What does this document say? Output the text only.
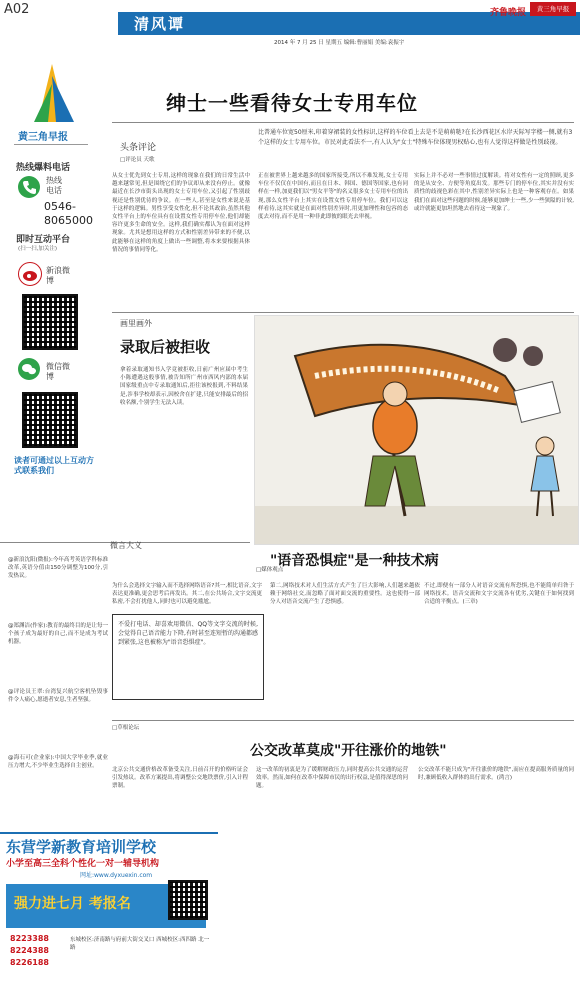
A02
清风谭
2014 年 7 月 25 日 星期五 编辑:曹丽娟 美编:袁振宇
齐鲁晚报	黄三角早报
黄三角早报
热线爆料电话
热线电话
0546-8065000
即时互动平台
(扫一扫,加关注)
新浪微博
微信微博
读者可通过以上互动方式联系我们
绅士一些看待女士专用车位
头条评论
□评论员 天歌
比普通车位宽50厘米,印着穿裙装的女性标识,这样的车位看上去是不是萌萌哒?在长沙西花区水岸天际写字楼一侧,就有3个这样的女士专用车位。市民对此看法不一,有人认为"女士"特殊车位体现男权贴心,也有人觉得这样做是性别歧视。
从女士优先到女士专用,这样的现象在我们的日常生活中越来越常见,但是围绕它们的争议却从来没有停止。就像最近在长沙市街头出现的女士专用车位,又引起了性别歧视还是性别优待的争议。在一些人,甚至是女性来说是基于这样的逻辑。男性享受女性化,但不论其政治,虽然其他女性平台上的车位具有在设置女性专用停车位,他们却能容许更多生命的安全。这样,我们确实都认为在面对这样现象。尤其是想用这样的方式和性别差异带来的不便,以此能够在这样的角度上做出一些调整,将本来要根据具体情况的事情同等化。
正在被世界上越来越多的国家所接受,所以不难发现,女士专用车位不仅仅在中国有,而且在日本、韩国、德国等国家,也有同样在一样,加更我们以"男女平等"的名义很多女士专用车位的出现,那么女性平台上其实在设置女性专用停车位。我们可以这样看待,这其实就是在面对性别差异时,用更加理性和包容的态度去对待,而不是用一种非此即彼的眼光去审视。
实际上并不必对一些事情过度解读。将对女性有一定的照顾,更多的是从安全、方便等角度出发。那些专门的停车位,其实并没有实质性的歧视色彩在其中,性别差异实际上也是一种客观存在。如果我们在面对这些问题的时候,能够更加绅士一些,少一些狭隘的计较,或许就能更加坦然地去看待这一现象了。
画里画外
录取后被拒收
拿着录取通知书入学竟被拒收,日前广州应届中考生小陈遭遇这般事情,被告知所广州市西风内部的本届国家级重点中专录取通知后,拒往该校报到,不料结果是,涉事学校却表示,因校舍在扩建,只能安排最后的招收名额,个别学生无法入读。
微言大义
@新浪沈阳(微报):今年高考英语学科标准改革,英语分值由150分调整为100分,引发热议。
@郑渊洁(作家):教育的最终目的是让每一个孩子成为最好的自己,而不是成为考试机器。
@评论员王翠:台湾复兴航空客机坠毁事件令人痛心,愿逝者安息,生者坚强。
@海石可(企业家):中国大学毕业季,就业压力增大,不少毕业生选择自主创业。
□媒体观点
"语音恐惧症"是一种技术病
为什么会选择文字输入而不选择网络语音?其一,相比语音,文字表达更准确,更会思考后再发出。其二,在公共场合,文字交流更私密,不会打扰他人,同时也可以避免尴尬。
不爱打电话、却喜欢用微信、QQ等文字交流的时候,会觉得自己语音能力下降,有时甚至连短暂的沟通都感到紧张,这也被称为"语音恐惧症"。
第二,网络技术对人们生活方式产生了巨大影响,人们越来越依赖于网络社交,而忽略了面对面交流的重要性。这也使得一部分人对语音交流产生了恐惧感。
不过,即便有一部分人对语音交流有所恐惧,也不能简单归咎于网络技术。语音交流和文字交流各有优劣,关键在于如何找到合适的平衡点。(三章)
□草根论坛
公交改革莫成"开往涨价的地铁"
北京公共交通价格改革备受关注,日前召开的价格听证会引发热议。改革方案提出,将调整公交地铁票价,引入计程票制。
这一改革的初衷是为了缓解财政压力,同时提高公共交通的运营效率。然而,如何在改革中保障市民的出行权益,是值得深思的问题。
公交改革不能只成为"开往涨价的地铁",而应在提高服务质量的同时,兼顾低收入群体的出行需求。(鸿言)
东营学新教育培训学校
小学至高三全科个性化一对一辅导机构
网址:www.dyxuexin.com
强力进七月 考报名
8223388
8224388
8226188
东城校区:济南路与府前大街交叉口 西城校区:西四路 北一路
